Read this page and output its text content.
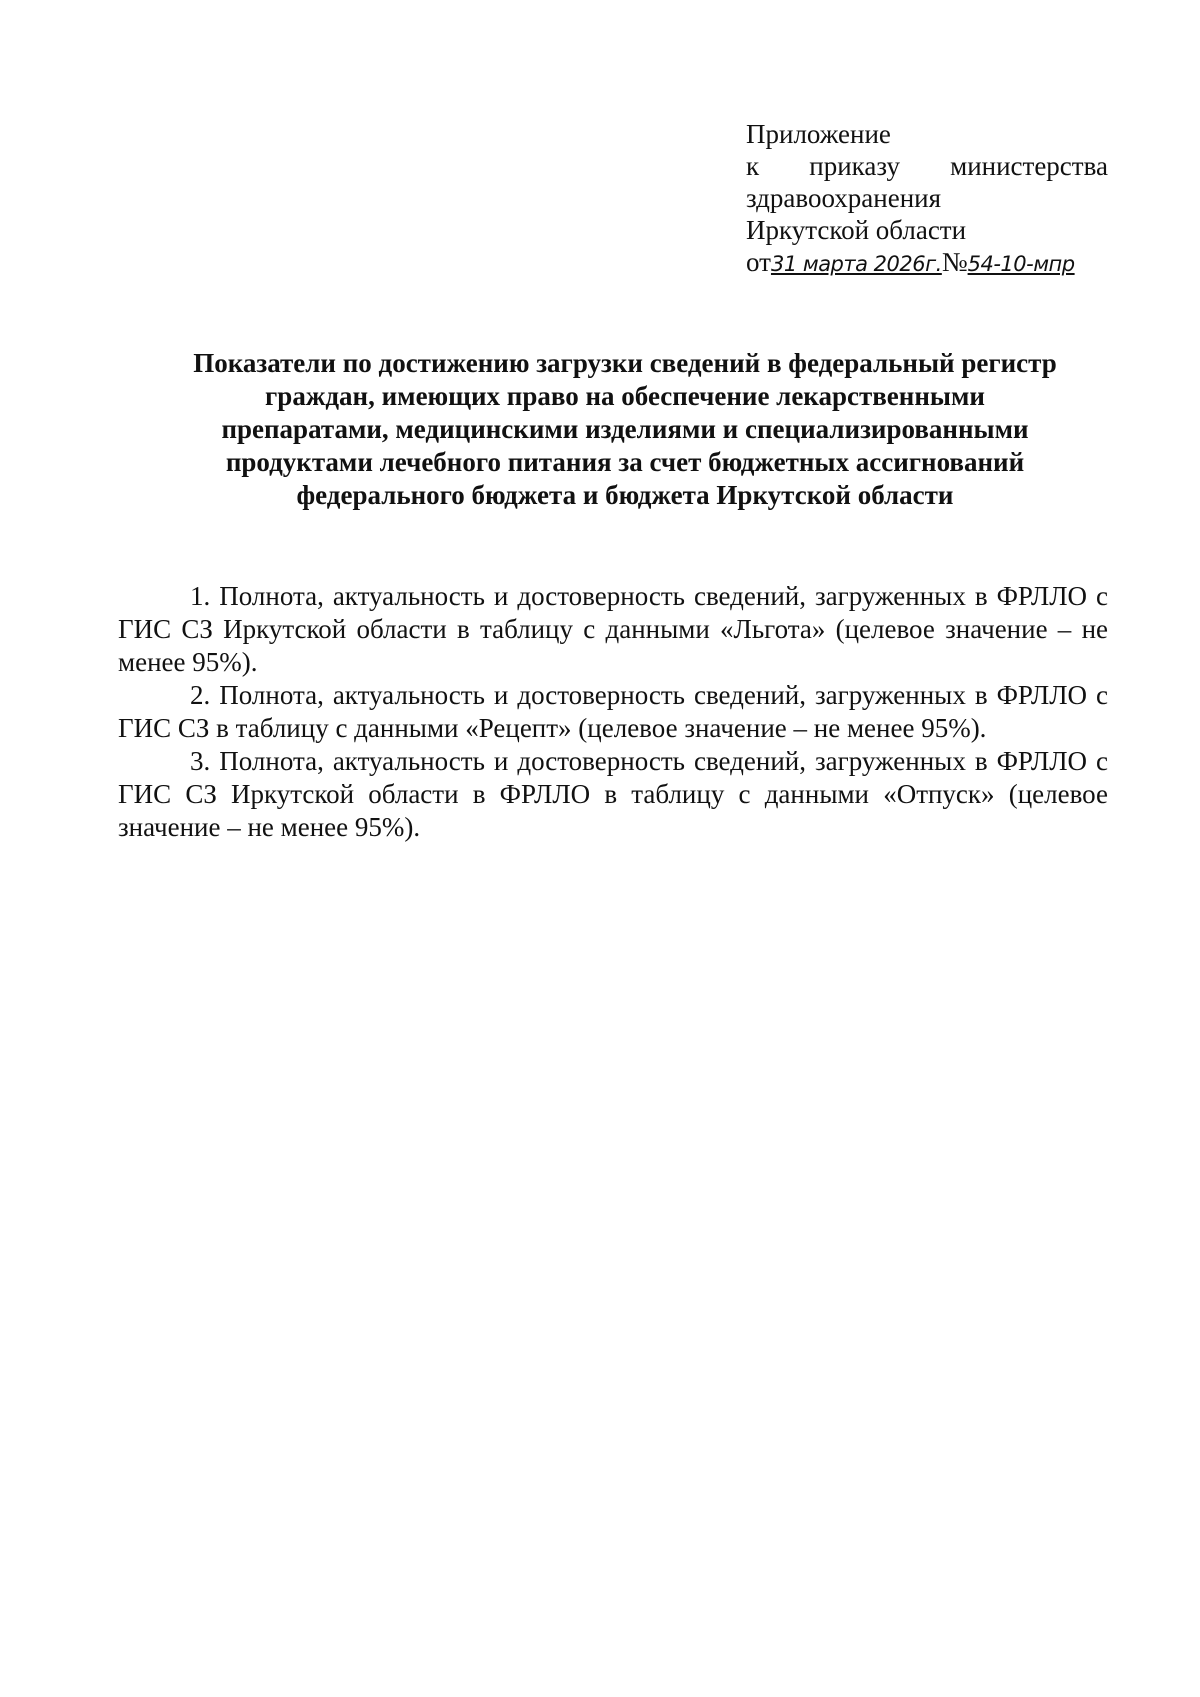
Приложение
к приказу министерства
здравоохранения
Иркутской области
от31 марта 2026г.№54-10-мпр
Показатели по достижению загрузки сведений в федеральный регистр
граждан, имеющих право на обеспечение лекарственными
препаратами, медицинскими изделиями и специализированными
продуктами лечебного питания за счет бюджетных ассигнований
федерального бюджета и бюджета Иркутской области

1. Полнота, актуальность и достоверность сведений, загруженных в ФРЛЛО с ГИС СЗ Иркутской области в таблицу с данными «Льгота» (целевое значение – не менее 95%).

2. Полнота, актуальность и достоверность сведений, загруженных в ФРЛЛО с ГИС СЗ в таблицу с данными «Рецепт» (целевое значение – не менее 95%).

3. Полнота, актуальность и достоверность сведений, загруженных в ФРЛЛО с ГИС СЗ Иркутской области в ФРЛЛО в таблицу с данными «Отпуск» (целевое значение – не менее 95%).
